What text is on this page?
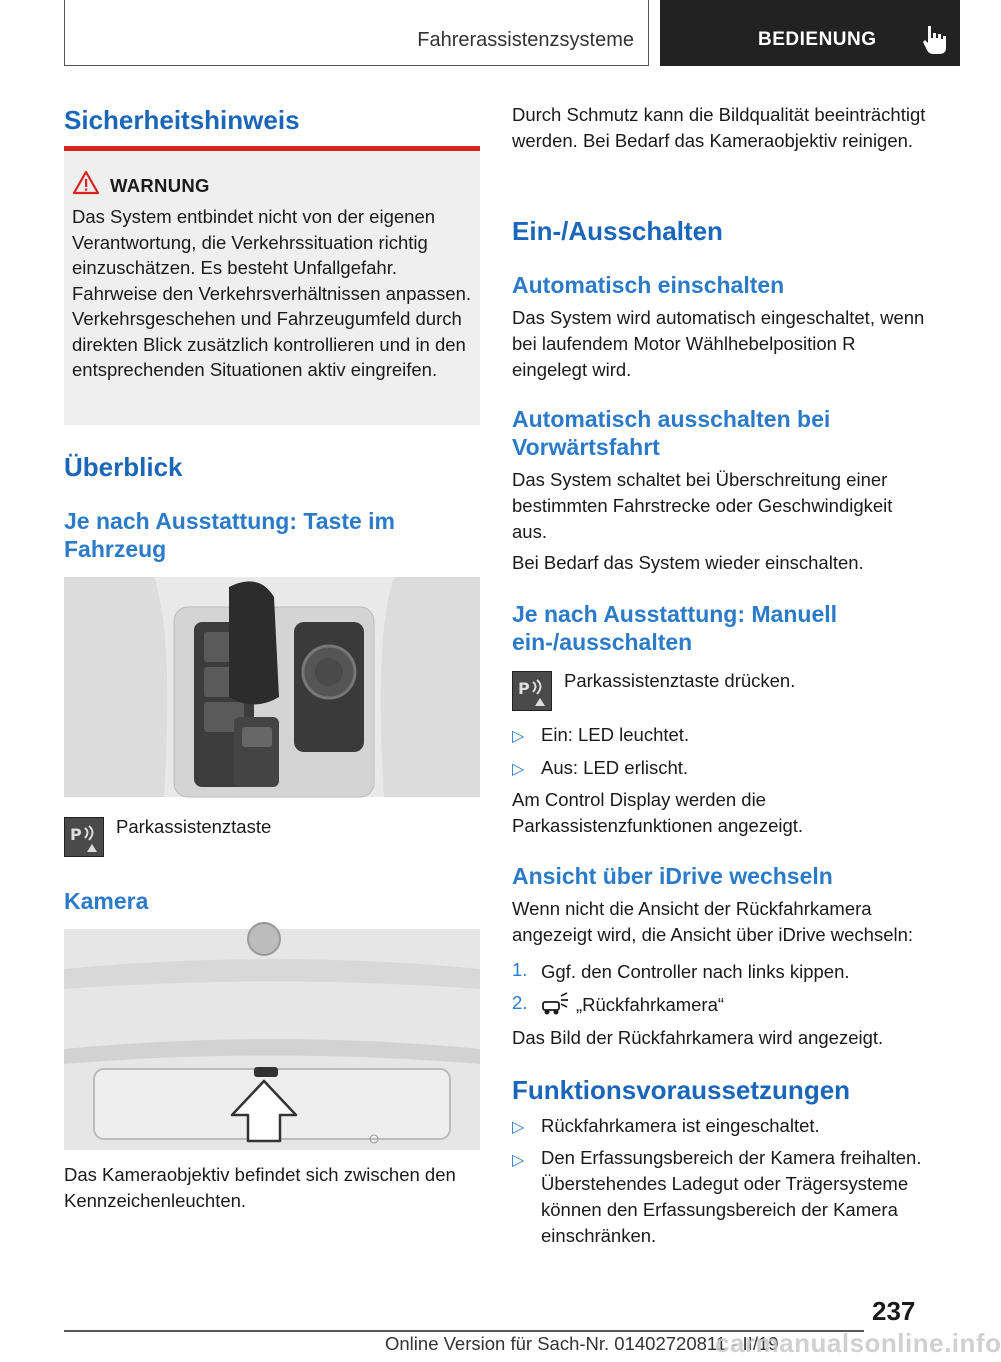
Fahrerassistenzsysteme	BEDIENUNG
Sicherheitshinweis
WARNUNG
Das System entbindet nicht von der eigenen Verantwortung, die Verkehrssituation richtig einzuschätzen. Es besteht Unfallgefahr. Fahrweise den Verkehrsverhältnissen anpassen. Verkehrsgeschehen und Fahrzeugumfeld durch direkten Blick zusätzlich kontrollieren und in den entsprechenden Situationen aktiv eingreifen.
Überblick
Je nach Ausstattung: Taste im Fahrzeug
P Parkassistenztaste

Kamera

Das Kameraobjektiv befindet sich zwischen den Kennzeichenleuchten.

Durch Schmutz kann die Bildqualität beeinträchtigt werden. Bei Bedarf das Kameraobjektiv reinigen.

Ein-/Ausschalten
Automatisch einschalten

Das System wird automatisch eingeschaltet, wenn bei laufendem Motor Wählhebelposition R eingelegt wird.

Automatisch ausschalten bei Vorwärtsfahrt

Das System schaltet bei Überschreitung einer bestimmten Fahrstrecke oder Geschwindigkeit aus.

Bei Bedarf das System wieder einschalten.

Je nach Ausstattung: Manuell ein-/ausschalten
P Parkassistenztaste drücken.

▷ Ein: LED leuchtet.

▷ Aus: LED erlischt.

Am Control Display werden die Parkassistenzfunktionen angezeigt.

Ansicht über iDrive wechseln

Wenn nicht die Ansicht der Rückfahrkamera angezeigt wird, die Ansicht über iDrive wechseln:

1. Ggf. den Controller nach links kippen.

2.	„Rückfahrkamera“

Das Bild der Rückfahrkamera wird angezeigt.

Funktionsvoraussetzungen
▷ Rückfahrkamera ist eingeschaltet.

▷ Den Erfassungsbereich der Kamera freihalten. Überstehendes Ladegut oder Trägersysteme können den Erfassungsbereich der Kamera einschränken.

237
Online Version für Sach-Nr. 01402720811 - II/19
carmanualsonline.info
